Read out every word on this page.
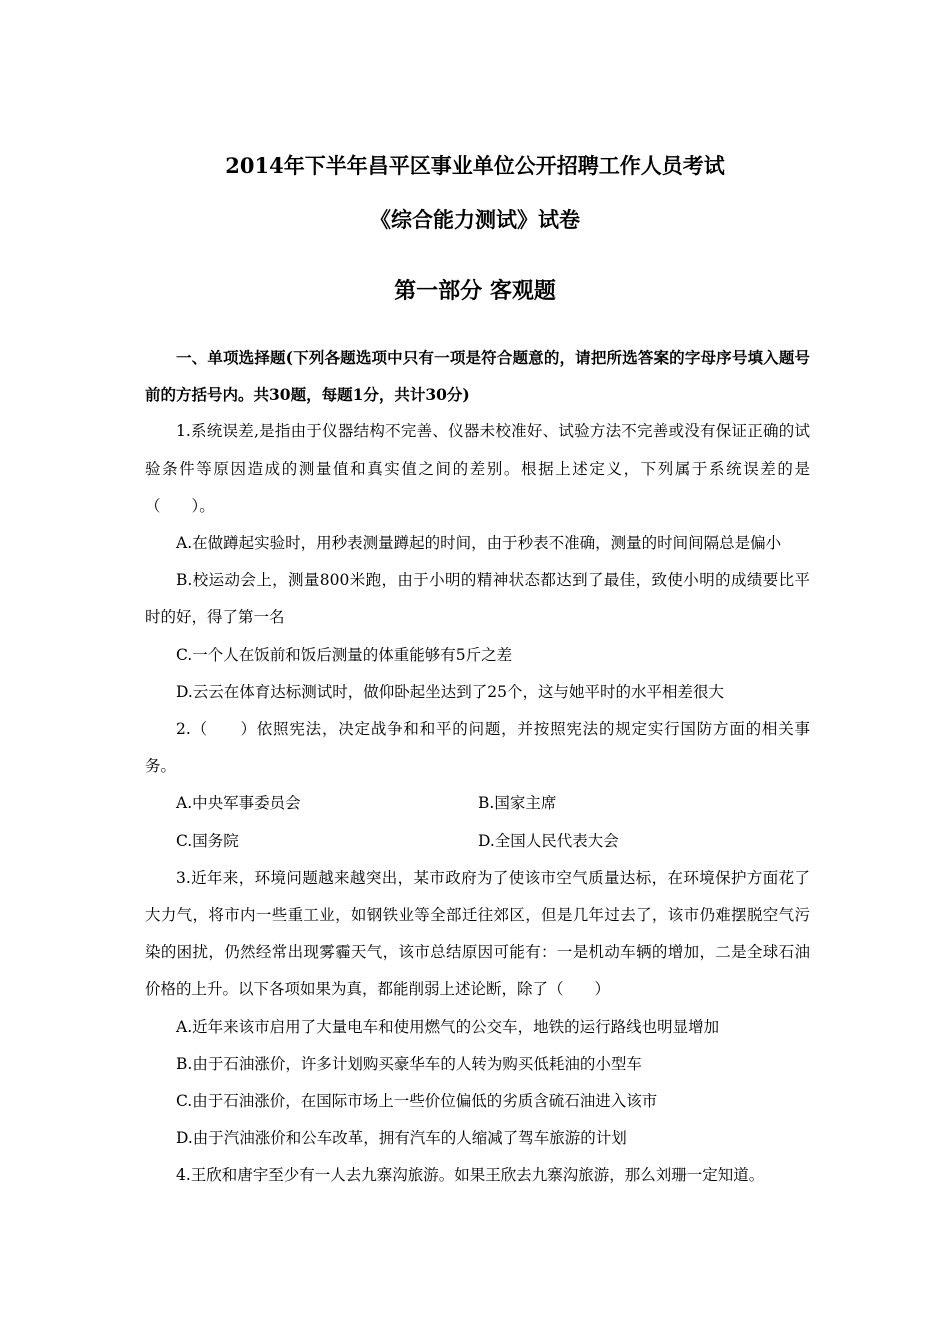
2014年下半年昌平区事业单位公开招聘工作人员考试
《综合能力测试》试卷
第一部分 客观题

一、单项选择题(下列各题选项中只有一项是符合题意的，请把所选答案的字母序号填入题号前的方括号内。共30题，每题1分，共计30分)

1.系统误差,是指由于仪器结构不完善、仪器未校准好、试验方法不完善或没有保证正确的试验条件等原因造成的测量值和真实值之间的差别。根据上述定义，下列属于系统误差的是（　　）。

A.在做蹲起实验时，用秒表测量蹲起的时间，由于秒表不准确，测量的时间间隔总是偏小

B.校运动会上，测量800米跑，由于小明的精神状态都达到了最佳，致使小明的成绩要比平时的好，得了第一名

C.一个人在饭前和饭后测量的体重能够有5斤之差

D.云云在体育达标测试时，做仰卧起坐达到了25个，这与她平时的水平相差很大

2.（　　）依照宪法，决定战争和和平的问题，并按照宪法的规定实行国防方面的相关事务。

A.中央军事委员会	B.国家主席
C.国务院	D.全国人民代表大会

3.近年来，环境问题越来越突出，某市政府为了使该市空气质量达标，在环境保护方面花了大力气，将市内一些重工业，如钢铁业等全部迁往郊区，但是几年过去了，该市仍难摆脱空气污染的困扰，仍然经常出现雾霾天气，该市总结原因可能有：一是机动车辆的增加，二是全球石油价格的上升。以下各项如果为真，都能削弱上述论断，除了（　　）

A.近年来该市启用了大量电车和使用燃气的公交车，地铁的运行路线也明显增加

B.由于石油涨价，许多计划购买豪华车的人转为购买低耗油的小型车

C.由于石油涨价，在国际市场上一些价位偏低的劣质含硫石油进入该市

D.由于汽油涨价和公车改革，拥有汽车的人缩减了驾车旅游的计划

4.王欣和唐宇至少有一人去九寨沟旅游。如果王欣去九寨沟旅游，那么刘珊一定知道。
